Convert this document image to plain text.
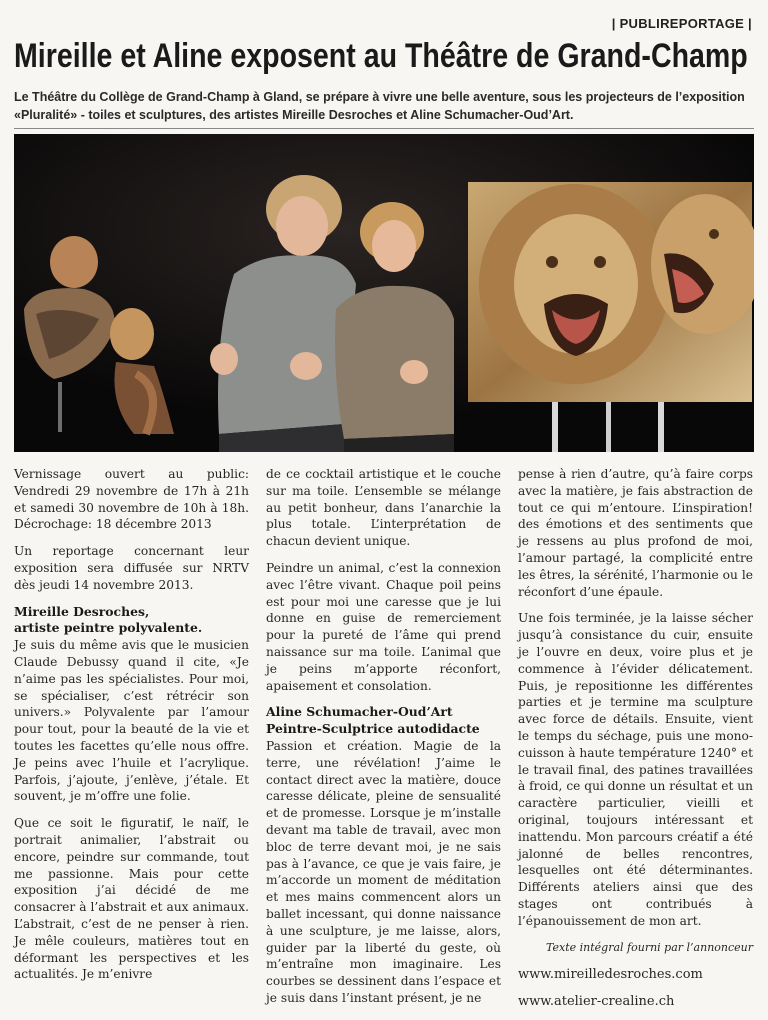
| PUBLIREPORTAGE |
Mireille et Aline exposent au Théâtre de Grand-Champ
Le Théâtre du Collège de Grand-Champ à Gland, se prépare à vivre une belle aventure, sous les projecteurs de l’exposition «Pluralité» - toiles et sculptures, des artistes Mireille Desroches et Aline Schumacher-Oud’Art.

Vernissage ouvert au public: Vendredi 29 novembre de 17h à 21h et samedi 30 novembre de 10h à 18h. Décrochage: 18 décembre 2013

Un reportage concernant leur exposition sera diffusée sur NRTV dès jeudi 14 novembre 2013.

Mireille Desroches,
artiste peintre polyvalente.

Je suis du même avis que le musicien Claude Debussy quand il cite, «Je n’aime pas les spécialistes. Pour moi, se spécialiser, c’est rétrécir son univers.» Polyvalente par l’amour pour tout, pour la beauté de la vie et toutes les facettes qu’elle nous offre. Je peins avec l’huile et l’acrylique. Parfois, j’ajoute, j’enlève, j’étale. Et souvent, je m’offre une folie.

Que ce soit le figuratif, le naïf, le portrait animalier, l’abstrait ou encore, peindre sur commande, tout me passionne. Mais pour cette exposition j’ai décidé de me consacrer à l’abstrait et aux animaux. L’abstrait, c’est de ne penser à rien. Je mêle couleurs, matières tout en déformant les perspectives et les actualités. Je m’enivre

de ce cocktail artistique et le couche sur ma toile. L’ensemble se mélange au petit bonheur, dans l’anarchie la plus totale. L’interprétation de chacun devient unique.

Peindre un animal, c’est la connexion avec l’être vivant. Chaque poil peins est pour moi une caresse que je lui donne en guise de remerciement pour la pureté de l’âme qui prend naissance sur ma toile. L’animal que je peins m’apporte réconfort, apaisement et consolation.

Aline Schumacher-Oud’Art
Peintre-Sculptrice autodidacte

Passion et création. Magie de la terre, une révélation! J’aime le contact direct avec la matière, douce caresse délicate, pleine de sensualité et de promesse. Lorsque je m’installe devant ma table de travail, avec mon bloc de terre devant moi, je ne sais pas à l’avance, ce que je vais faire, je m’accorde un moment de méditation et mes mains commencent alors un ballet incessant, qui donne naissance à une sculpture, je me laisse, alors, guider par la liberté du geste, où m’entraîne mon imaginaire. Les courbes se dessinent dans l’espace et je suis dans l’instant présent, je ne

pense à rien d’autre, qu’à faire corps avec la matière, je fais abstraction de tout ce qui m’entoure. L’inspiration! des émotions et des sentiments que je ressens au plus profond de moi, l’amour partagé, la complicité entre les êtres, la sérénité, l’harmonie ou le réconfort d’une épaule.

Une fois terminée, je la laisse sécher jusqu’à consistance du cuir, ensuite je l’ouvre en deux, voire plus et je commence à l’évider délicatement. Puis, je repositionne les différentes parties et je termine ma sculpture avec force de détails. Ensuite, vient le temps du séchage, puis une mono-cuisson à haute température 1240° et le travail final, des patines travaillées à froid, ce qui donne un résultat et un caractère particulier, vieilli et original, toujours intéressant et inattendu. Mon parcours créatif a été jalonné de belles rencontres, lesquelles ont été déterminantes. Différents ateliers ainsi que des stages ont contribués à l’épanouissement de mon art.

Texte intégral fourni par l’annonceur

www.mireilledesroches.com

www.atelier-crealine.ch
